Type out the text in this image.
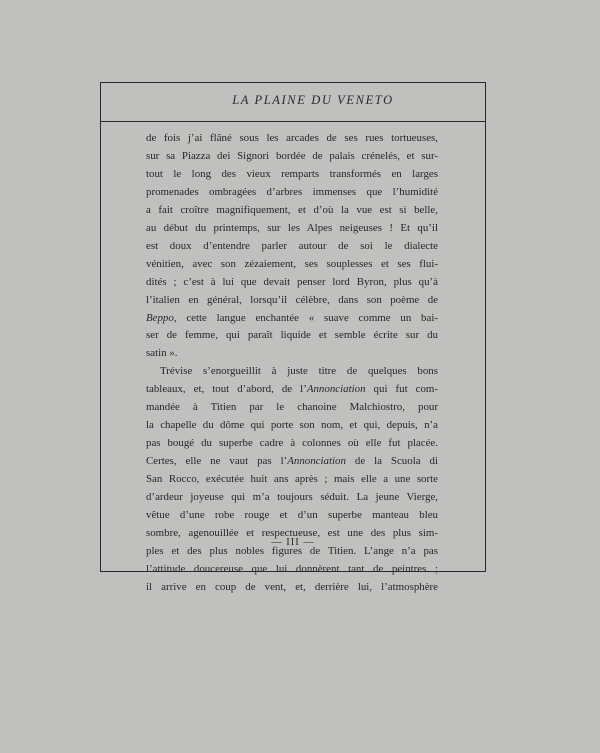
LA PLAINE DU VENETO
de fois j’ai flâné sous les arcades de ses rues tortueuses,
sur sa Piazza dei Signori bordée de palais crénelés, et sur-
tout le long des vieux remparts transformés en larges
promenades ombragées d’arbres immenses que l’humidité
a fait croître magnifiquement, et d’où la vue est si belle,
au début du printemps, sur les Alpes neigeuses ! Et qu’il
est doux d’entendre parler autour de soi le dialecte
vénitien, avec son zézaiement, ses souplesses et ses flui-
dités ; c’est à lui que devait penser lord Byron, plus qu’à
l’italien en général, lorsqu’il célèbre, dans son poème de
Beppo, cette langue enchantée « suave comme un bai-
ser de femme, qui paraît liquide et semble écrite sur du
satin ».
Trévise s’enorgueillit à juste titre de quelques bons
tableaux, et, tout d’abord, de l’Annonciation qui fut com-
mandée à Titien par le chanoine Malchiostro, pour
la chapelle du dôme qui porte son nom, et qui, depuis, n’a
pas bougé du superbe cadre à colonnes où elle fut placée.
Certes, elle ne vaut pas l’Annonciation de la Scuola di
San Rocco, exécutée huit ans après ; mais elle a une sorte
d’ardeur joyeuse qui m’a toujours séduit. La jeune Vierge,
vêtue d’une robe rouge et d’un superbe manteau bleu
sombre, agenouillée et respectueuse, est une des plus sim-
ples et des plus nobles figures de Titien. L’ange n’a pas
l’attitude doucereuse que lui donnèrent tant de peintres ;
il arrive en coup de vent, et, derrière lui, l’atmosphère
— III —
